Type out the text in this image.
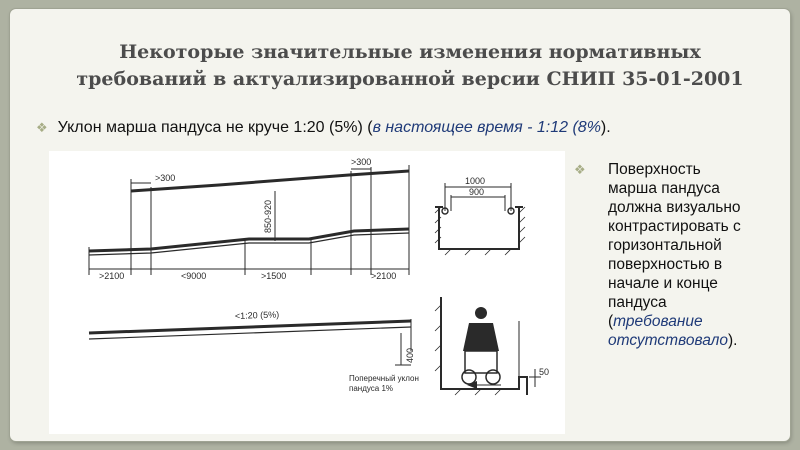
Некоторые значительные изменения нормативных
требований в актуализированной версии СНИП 35-01-2001
❖ Уклон марша пандуса не круче 1:20 (5%) (в настоящее время - 1:12 (8%).
>300
>300
850-920
>2100	<9000	>1500	>2100
<1:20 (5%)
1000
900
400
50
Поперечный уклон
пандуса 1%
❖ Поверхность
марша пандуса
должна визуально
контрастировать с
горизонтальной
поверхностью в
начале и конце
пандуса
(требование
отсутствовало).
